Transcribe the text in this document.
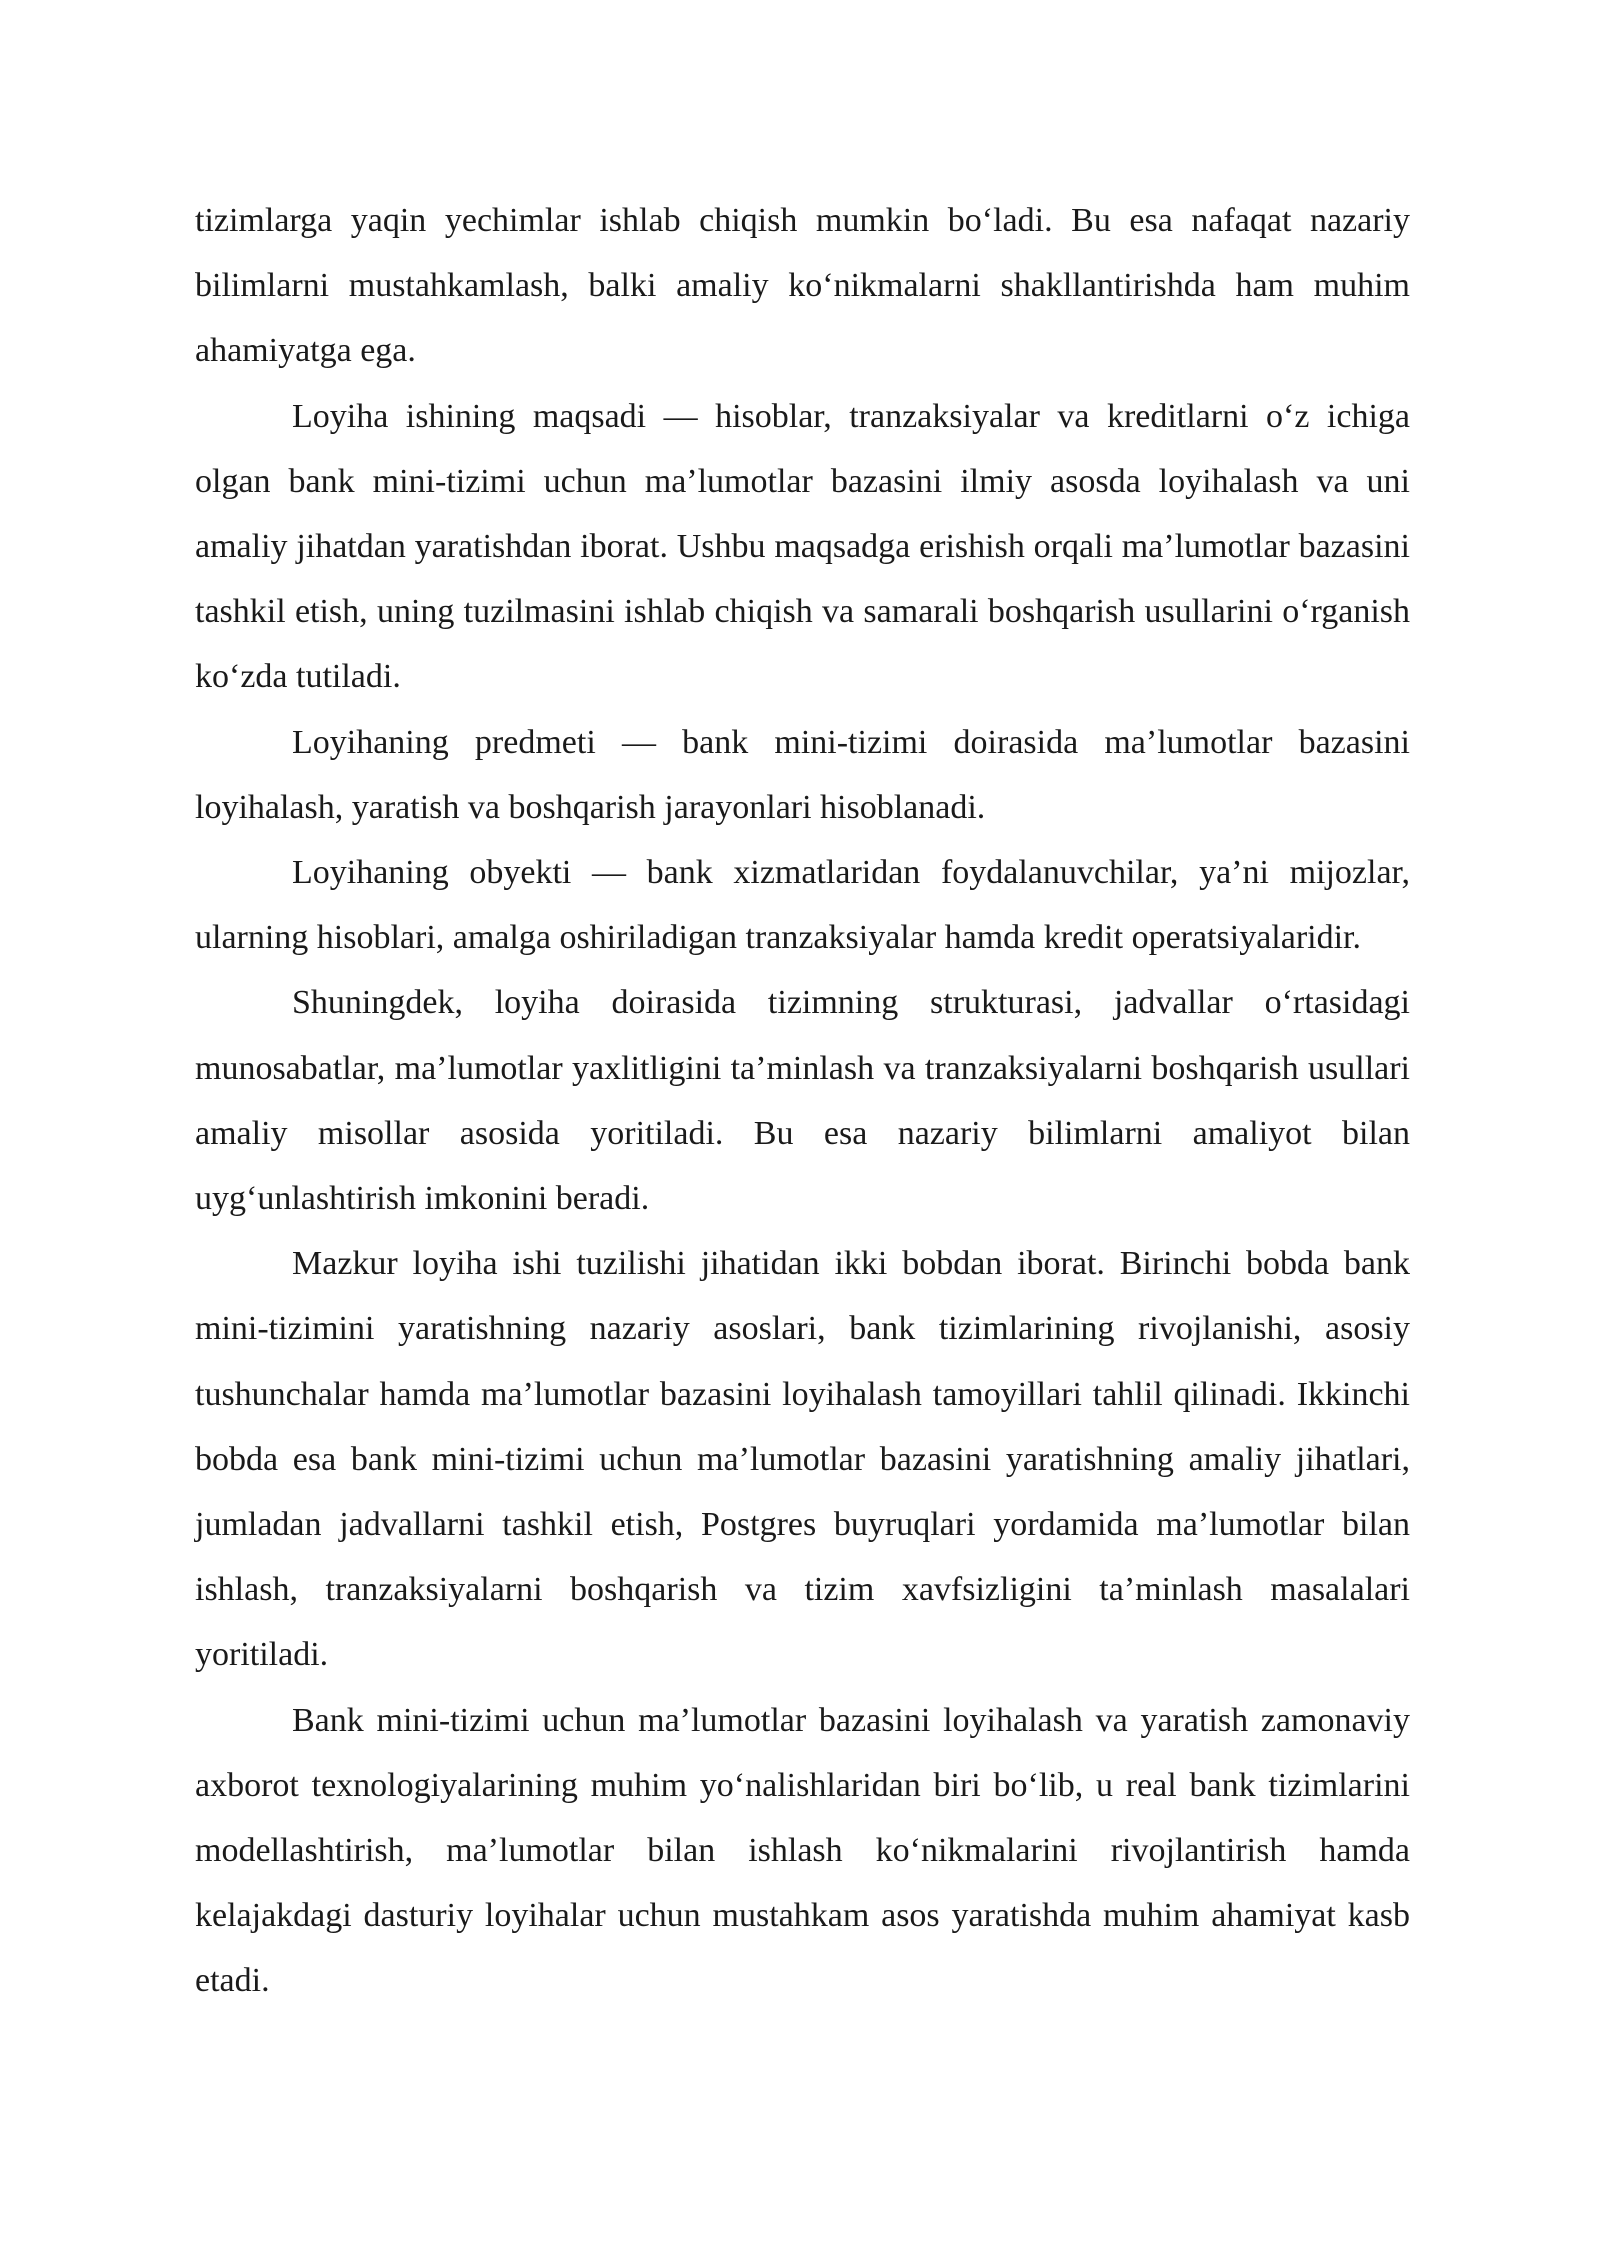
tizimlarga yaqin yechimlar ishlab chiqish mumkin bo‘ladi. Bu esa nafaqat nazariy bilimlarni mustahkamlash, balki amaliy ko‘nikmalarni shakllantirishda ham muhim ahamiyatga ega.

Loyiha ishining maqsadi — hisoblar, tranzaksiyalar va kreditlarni o‘z ichiga olgan bank mini-tizimi uchun ma’lumotlar bazasini ilmiy asosda loyihalash va uni amaliy jihatdan yaratishdan iborat. Ushbu maqsadga erishish orqali ma’lumotlar bazasini tashkil etish, uning tuzilmasini ishlab chiqish va samarali boshqarish usullarini o‘rganish ko‘zda tutiladi.

Loyihaning predmeti — bank mini-tizimi doirasida ma’lumotlar bazasini loyihalash, yaratish va boshqarish jarayonlari hisoblanadi.

Loyihaning obyekti — bank xizmatlaridan foydalanuvchilar, ya’ni mijozlar, ularning hisoblari, amalga oshiriladigan tranzaksiyalar hamda kredit operatsiyalaridir.

Shuningdek, loyiha doirasida tizimning strukturasi, jadvallar o‘rtasidagi munosabatlar, ma’lumotlar yaxlitligini ta’minlash va tranzaksiyalarni boshqarish usullari amaliy misollar asosida yoritiladi. Bu esa nazariy bilimlarni amaliyot bilan uyg‘unlashtirish imkonini beradi.

Mazkur loyiha ishi tuzilishi jihatidan ikki bobdan iborat. Birinchi bobda bank mini-tizimini yaratishning nazariy asoslari, bank tizimlarining rivojlanishi, asosiy tushunchalar hamda ma’lumotlar bazasini loyihalash tamoyillari tahlil qilinadi. Ikkinchi bobda esa bank mini-tizimi uchun ma’lumotlar bazasini yaratishning amaliy jihatlari, jumladan jadvallarni tashkil etish, Postgres buyruqlari yordamida ma’lumotlar bilan ishlash, tranzaksiyalarni boshqarish va tizim xavfsizligini ta’minlash masalalari yoritiladi.

Bank mini-tizimi uchun ma’lumotlar bazasini loyihalash va yaratish zamonaviy axborot texnologiyalarining muhim yo‘nalishlaridan biri bo‘lib, u real bank tizimlarini modellashtirish, ma’lumotlar bilan ishlash ko‘nikmalarini rivojlantirish hamda kelajakdagi dasturiy loyihalar uchun mustahkam asos yaratishda muhim ahamiyat kasb etadi.
